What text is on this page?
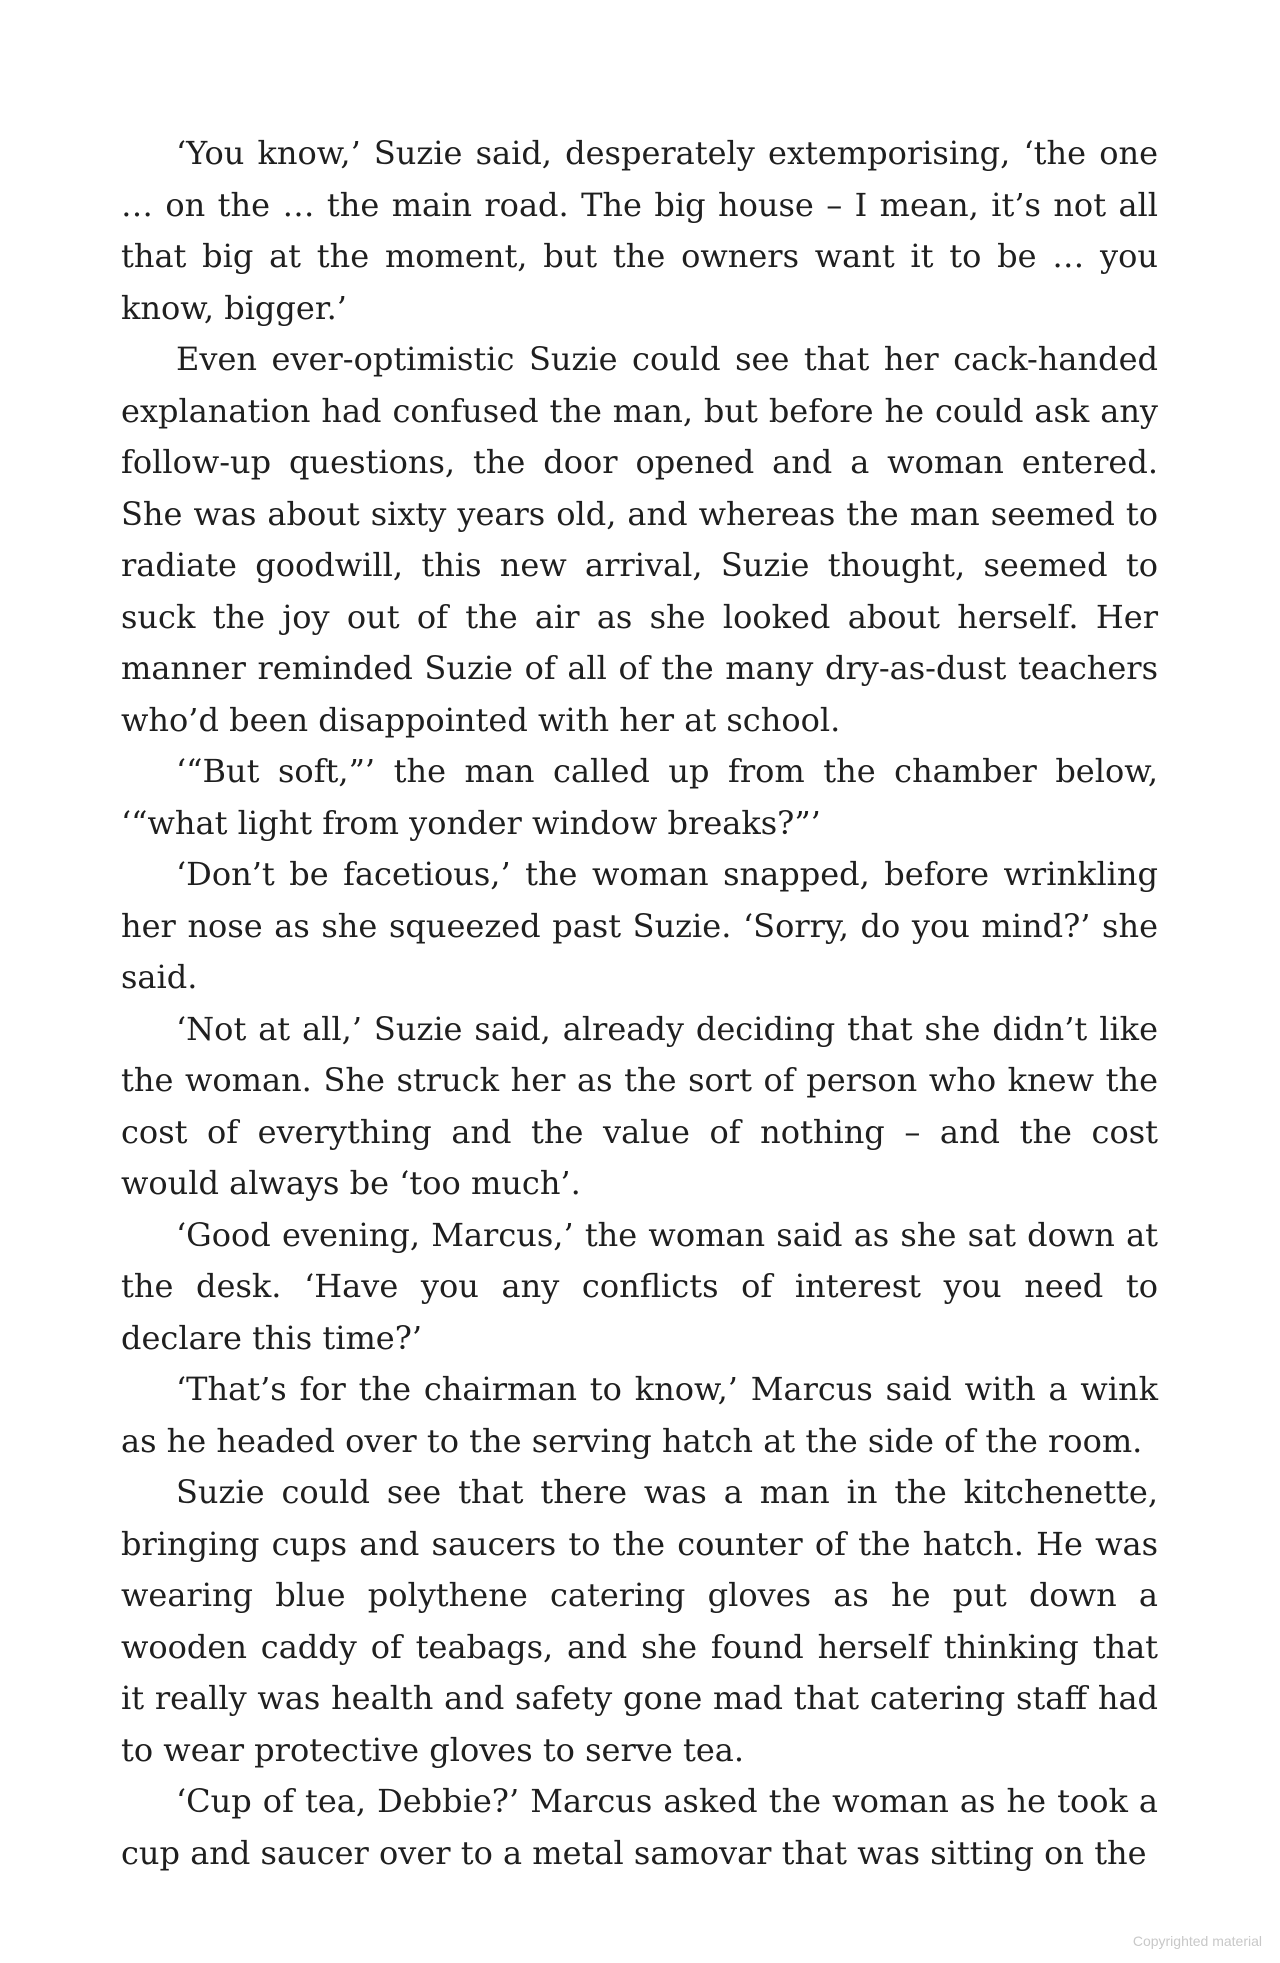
‘You know,’ Suzie said, desperately extemporising, ‘the one … on the … the main road. The big house – I mean, it’s not all that big at the moment, but the owners want it to be … you know, bigger.’

Even ever-optimistic Suzie could see that her cack-handed explanation had confused the man, but before he could ask any follow-up questions, the door opened and a woman entered. She was about sixty years old, and whereas the man seemed to radiate goodwill, this new arrival, Suzie thought, seemed to suck the joy out of the air as she looked about herself. Her manner reminded Suzie of all of the many dry-as-dust teachers who’d been disappointed with her at school.

‘“But soft,”’ the man called up from the chamber below, ‘“what light from yonder window breaks?”’

‘Don’t be facetious,’ the woman snapped, before wrinkling her nose as she squeezed past Suzie. ‘Sorry, do you mind?’ she said.

‘Not at all,’ Suzie said, already deciding that she didn’t like the woman. She struck her as the sort of person who knew the cost of everything and the value of nothing – and the cost would always be ‘too much’.

‘Good evening, Marcus,’ the woman said as she sat down at the desk. ‘Have you any conflicts of interest you need to declare this time?’

‘That’s for the chairman to know,’ Marcus said with a wink as he headed over to the serving hatch at the side of the room.

Suzie could see that there was a man in the kitchenette, bringing cups and saucers to the counter of the hatch. He was wearing blue polythene catering gloves as he put down a wooden caddy of teabags, and she found herself thinking that it really was health and safety gone mad that catering staff had to wear protective gloves to serve tea.

‘Cup of tea, Debbie?’ Marcus asked the woman as he took a cup and saucer over to a metal samovar that was sitting on the

Copyrighted material
